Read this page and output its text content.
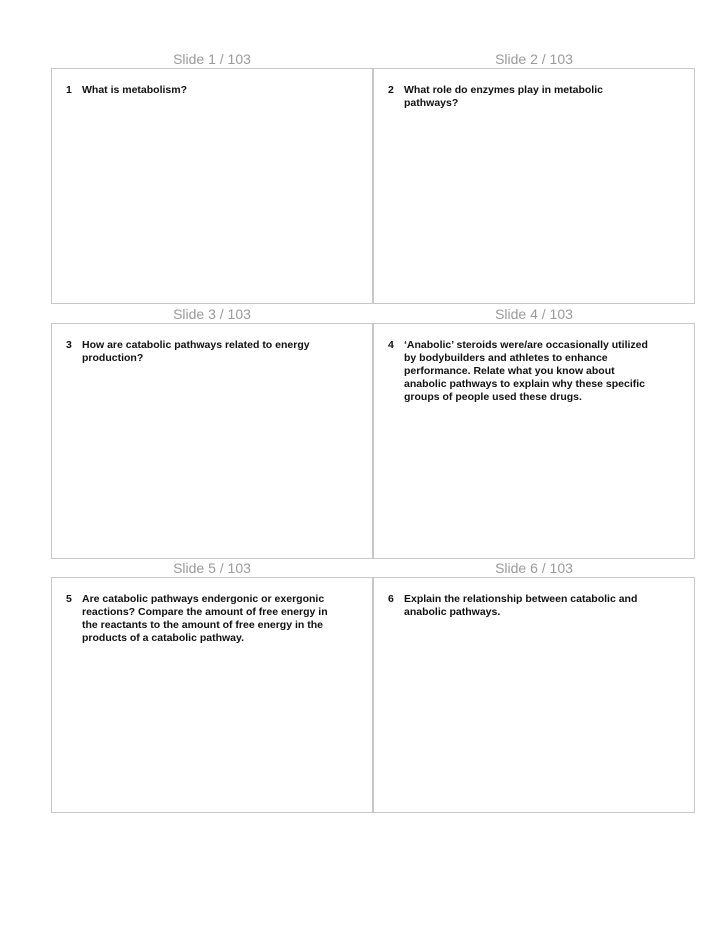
Slide 1 / 103
1 What is metabolism?
Slide 2 / 103
2 What role do enzymes play in metabolic pathways?
Slide 3 / 103
3 How are catabolic pathways related to energy production?
Slide 4 / 103
4 ‘Anabolic’ steroids were/are occasionally utilized by bodybuilders and athletes to enhance performance. Relate what you know about anabolic pathways to explain why these specific groups of people used these drugs.
Slide 5 / 103
5 Are catabolic pathways endergonic or exergonic reactions? Compare the amount of free energy in the reactants to the amount of free energy in the products of a catabolic pathway.
Slide 6 / 103
6 Explain the relationship between catabolic and anabolic pathways.
